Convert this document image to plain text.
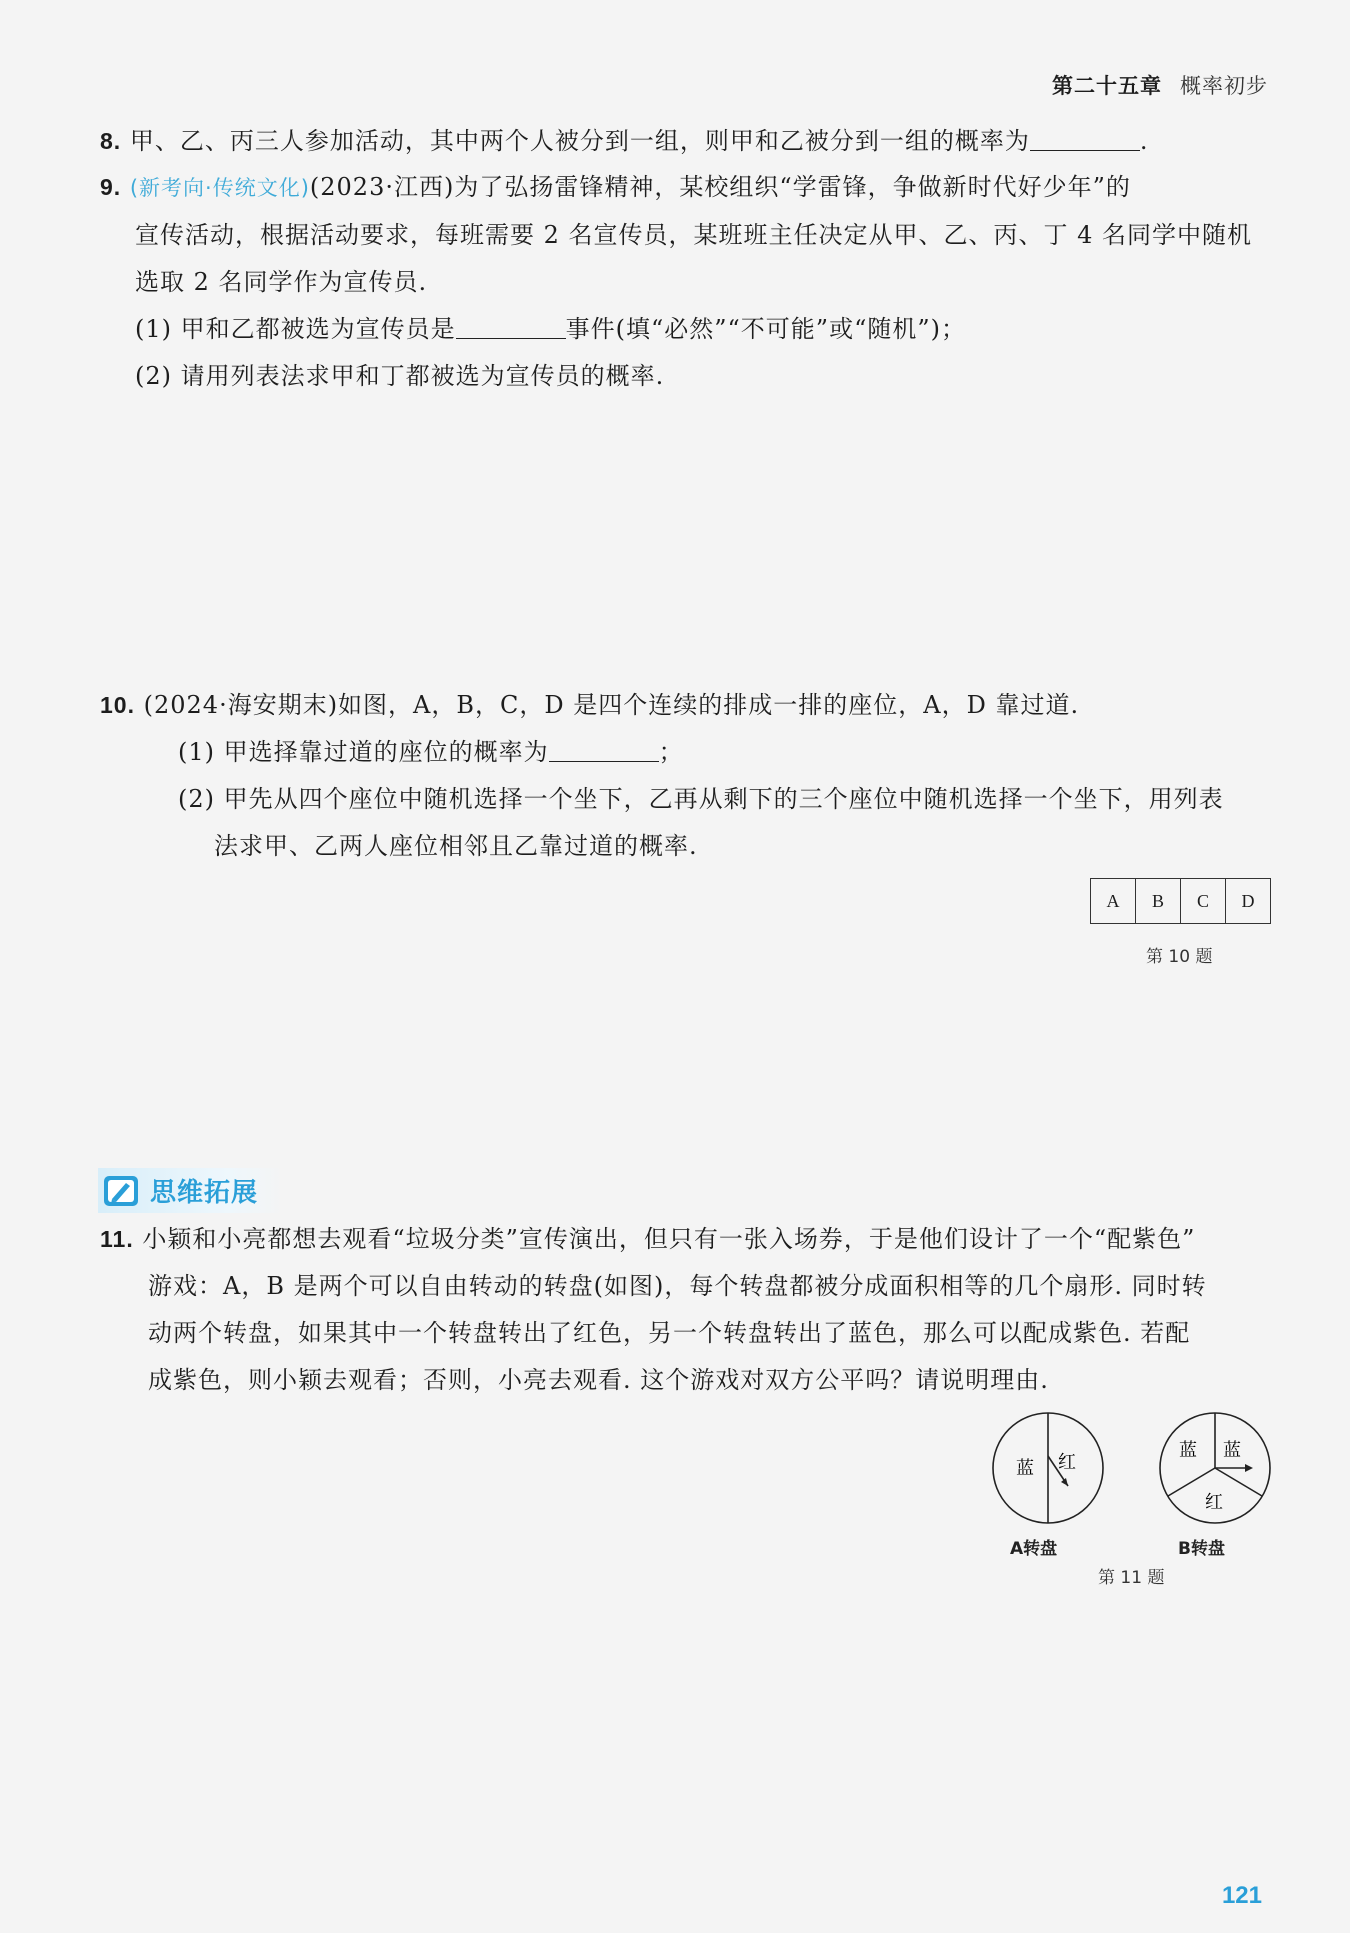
第二十五章 概率初步
8. 甲、乙、丙三人参加活动，其中两个人被分到一组，则甲和乙被分到一组的概率为	.
9. (新考向·传统文化)(2023·江西)为了弘扬雷锋精神，某校组织“学雷锋，争做新时代好少年”的
宣传活动，根据活动要求，每班需要 2 名宣传员，某班班主任决定从甲、乙、丙、丁 4 名同学中随机
选取 2 名同学作为宣传员.
(1) 甲和乙都被选为宣传员是	事件(填“必然”“不可能”或“随机”)；
(2) 请用列表法求甲和丁都被选为宣传员的概率.
10. (2024·海安期末)如图，A，B，C，D 是四个连续的排成一排的座位，A，D 靠过道.
(1) 甲选择靠过道的座位的概率为	；
(2) 甲先从四个座位中随机选择一个坐下，乙再从剩下的三个座位中随机选择一个坐下，用列表
法求甲、乙两人座位相邻且乙靠过道的概率.
A	B	C	D
第 10 题
思维拓展
11. 小颖和小亮都想去观看“垃圾分类”宣传演出，但只有一张入场券，于是他们设计了一个“配紫色”
游戏：A，B 是两个可以自由转动的转盘(如图)，每个转盘都被分成面积相等的几个扇形. 同时转
动两个转盘，如果其中一个转盘转出了红色，另一个转盘转出了蓝色，那么可以配成紫色. 若配
成紫色，则小颖去观看；否则，小亮去观看. 这个游戏对双方公平吗？请说明理由.
蓝 红
A转盘
蓝 蓝
红
B转盘
第 11 题
121
